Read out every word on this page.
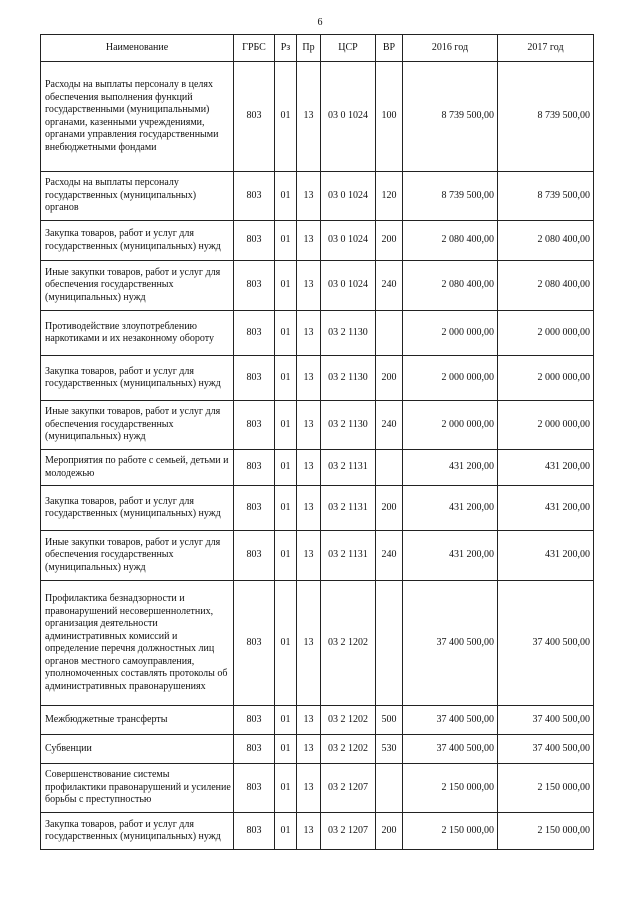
6
Наименование	ГРБС	Рз	Пр	ЦСР	ВР	2016 год	2017 год
Расходы на выплаты персоналу в целях обеспечения выполнения функций государственными (муниципальными) органами, казенными учреждениями, органами управления государственными внебюджетными фондами	803	01	13	03 0 1024	100	8 739 500,00	8 739 500,00
Расходы на выплаты персоналу государственных (муниципальных) органов	803	01	13	03 0 1024	120	8 739 500,00	8 739 500,00
Закупка товаров, работ и услуг для государственных (муниципальных) нужд	803	01	13	03 0 1024	200	2 080 400,00	2 080 400,00
Иные закупки товаров, работ и услуг для обеспечения государственных (муниципальных) нужд	803	01	13	03 0 1024	240	2 080 400,00	2 080 400,00
Противодействие злоупотреблению наркотиками и их незаконному обороту	803	01	13	03 2 1130		2 000 000,00	2 000 000,00
Закупка товаров, работ и услуг для государственных (муниципальных) нужд	803	01	13	03 2 1130	200	2 000 000,00	2 000 000,00
Иные закупки товаров, работ и услуг для обеспечения государственных (муниципальных) нужд	803	01	13	03 2 1130	240	2 000 000,00	2 000 000,00
Мероприятия по работе с семьей, детьми и молодежью	803	01	13	03 2 1131		431 200,00	431 200,00
Закупка товаров, работ и услуг для государственных (муниципальных) нужд	803	01	13	03 2 1131	200	431 200,00	431 200,00
Иные закупки товаров, работ и услуг для обеспечения государственных (муниципальных) нужд	803	01	13	03 2 1131	240	431 200,00	431 200,00
Профилактика безнадзорности и правонарушений несовершеннолетних, организация деятельности административных комиссий и определение перечня должностных лиц органов местного самоуправления, уполномоченных составлять протоколы об административных правонарушениях	803	01	13	03 2 1202		37 400 500,00	37 400 500,00
Межбюджетные трансферты	803	01	13	03 2 1202	500	37 400 500,00	37 400 500,00
Субвенции	803	01	13	03 2 1202	530	37 400 500,00	37 400 500,00
Совершенствование системы профилактики правонарушений и усиление борьбы с преступностью	803	01	13	03 2 1207		2 150 000,00	2 150 000,00
Закупка товаров, работ и услуг для государственных (муниципальных) нужд	803	01	13	03 2 1207	200	2 150 000,00	2 150 000,00
